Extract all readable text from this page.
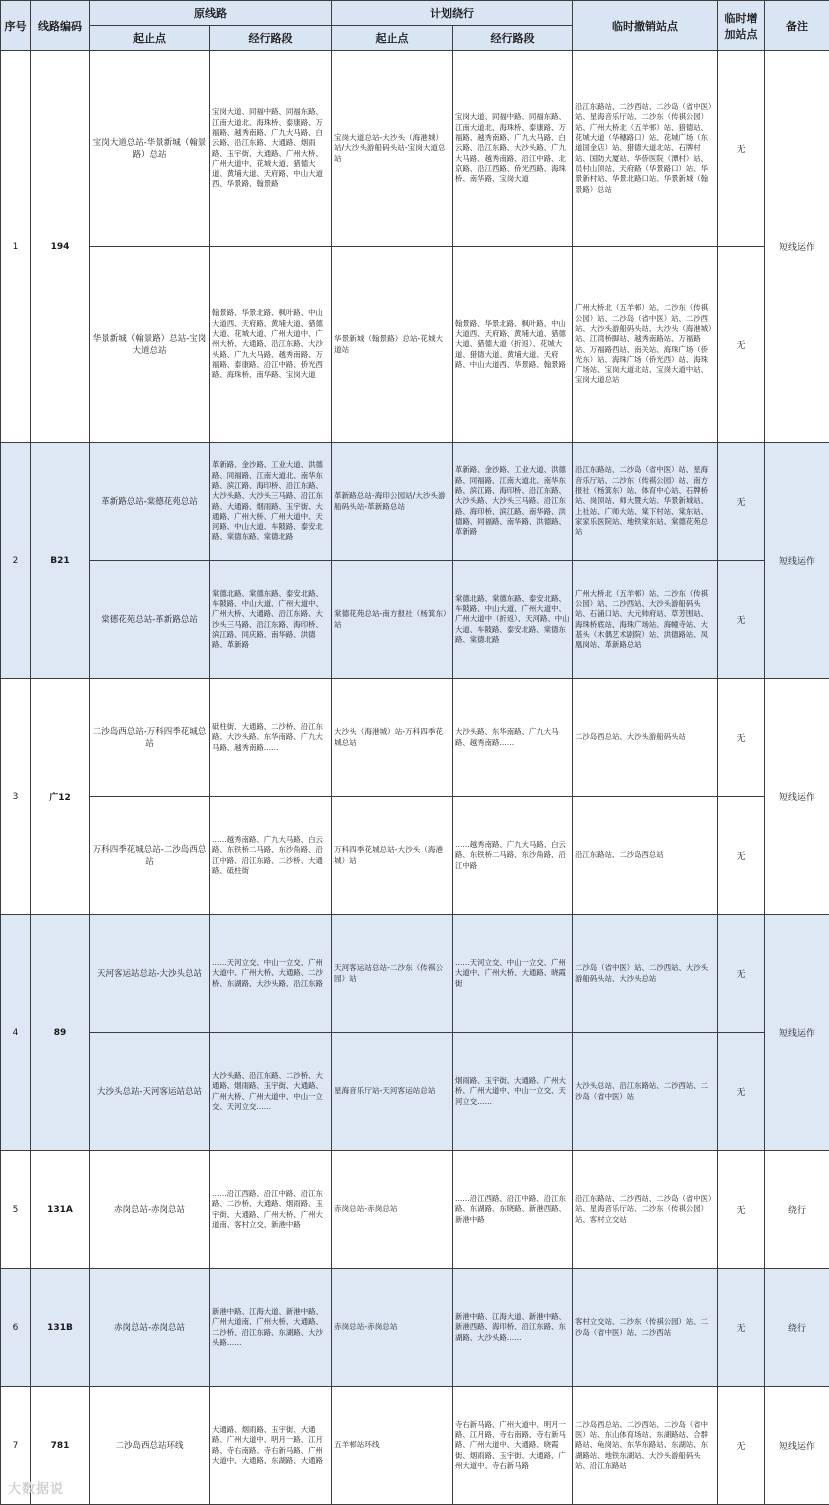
序号	线路编码	原线路		计划绕行		临时撤销站点	临时增加站点	备注
		起止点	经行路段	起止点	经行路段			
1	194	宝岗大道总站-华景新城（翰景路）总站	宝岗大道、同福中路、同福东路、江南大道北、海珠桥、泰康路、万福路、越秀南路、广九大马路、白云路、沿江东路、大通路、烟雨路、玉宇街、大通路、广州大桥、广州大道中、花城大道、猎德大道、黄埔大道、天府路、中山大道西、华景路、翰景路	宝岗大道总站-大沙头（海港城）站/大沙头游船码头站-宝岗大道总站	宝岗大道、同福中路、同福东路、江南大道北、海珠桥、泰康路、万福路、越秀南路、广九大马路、白云路、沿江东路、大沙头路、广九大马路、越秀南路、沿江中路、北京路、沿江西路、侨光西路、海珠桥、南华路、宝岗大道	沿江东路站、二沙西站、二沙岛（省中医）站、星海音乐厅站、二沙东（传祺公园）站、广州大桥北（五羊邨）站、猎德站、花城大道（华穗路口）站、花城广场（东道国金店）站、猎德大道北站、石牌村站、国防大厦站、华侨医院（潭村）站、员村山顶站、天府路（华景路口）站、华景新村站、华景北路口站、华景新城（翰景路）总站	无	短线运作
		华景新城（翰景路）总站-宝岗大道总站	翰景路、华景北路、枫叶路、中山大道西、天府路、黄埔大道、猎德大道、花城大道、广州大道中、广州大桥、大通路、沿江东路、大沙头路、广九大马路、越秀南路、万福路、泰康路、沿江中路、侨光西路、海珠桥、南华路、宝岗大道	华景新城（翰景路）总站-花城大道站	翰景路、华景北路、枫叶路、中山大道西、天府路、黄埔大道、猎德大道、猎德大道（折返）、花城大道、猎德大道、黄埔大道、天府路、中山大道西、华景路、翰景路	广州大桥北（五羊邨）站、二沙东（传祺公园）站、二沙岛（省中医）站、二沙西站、大沙头游船码头站、大沙头（海港城）站、江湾桥脚站、越秀南路站、万福路站、万福路西站、南关站、海珠广场（侨光东）站、海珠广场（侨光西）站、海珠广场站、宝岗大道北站、宝岗大道中站、宝岗大道总站	无	
2	B21	革新路总站-棠德花苑总站	革新路、金沙路、工业大道、洪德路、同福路、江南大道北、南华东路、滨江路、海印桥、沿江东路、大沙头路、大沙头三马路、沿江东路、大通路、烟雨路、玉宇街、大通路、广州大桥、广州大道中、天河路、中山大道、车陂路、泰安北路、棠德东路、棠德北路	革新路总站-海印公园站/大沙头游船码头站-革新路总站	革新路、金沙路、工业大道、洪德路、同福路、江南大道北、南华东路、滨江路、海印桥、沿江东路、大沙头路、大沙头三马路、沿江东路、海印桥、滨江路、南华路、洪德路、同福路、南华路、洪德路、革新路	沿江东路站、二沙岛（省中医）站、星海音乐厅站、二沙东（传祺公园）站、南方报社（杨箕东）站、体育中心站、石牌桥站、岗顶站、师大暨大站、华景新城站、上社站、广师大站、棠下村站、棠东站、家家乐医院站、地铁棠东站、棠德花苑总站	无	短线运作
		棠德花苑总站-革新路总站	棠德北路、棠德东路、泰安北路、车陂路、中山大道、广州大道中、广州大桥、大通路、沿江东路、大沙头三马路、沿江东路、海印桥、滨江路、同庆路、南华路、洪德路、革新路	棠德花苑总站-南方报社（杨箕东）站	棠德北路、棠德东路、泰安北路、车陂路、中山大道、广州大道中、广州大道中（折返）、天河路、中山大道、车陂路、泰安北路、棠德东路、棠德北路	广州大桥北（五羊邨）站、二沙东（传祺公园）站、二沙西站、大沙头游船码头站、石涌口站、大元帅府站、草芳围站、海珠桥底站、海珠广场站、海幢寺站、大基头（木偶艺术剧院）站、洪德路站、凤凰岗站、革新路总站	无	
3	广12	二沙岛西总站-万科四季花城总站	砥柱街、大通路、二沙桥、沿江东路、大沙头路、东华南路、广九大马路、越秀南路……	大沙头（海港城）站-万科四季花城总站	大沙头路、东华南路、广九大马路、越秀南路……	二沙岛西总站、大沙头游船码头站	无	短线运作
		万科四季花城总站-二沙岛西总站	……越秀南路、广九大马路、白云路、东铁桥二马路、东沙角路、沿江中路、沿江东路、二沙桥、大通路、砥柱街	万科四季花城总站-大沙头（海港城）站	……越秀南路、广九大马路、白云路、东铁桥二马路、东沙角路、沿江中路	沿江东路站、二沙岛西总站	无	
4	89	天河客运站总站-大沙头总站	……天河立交、中山一立交、广州大道中、广州大桥、大通路、二沙桥、东湖路、大沙头路、沿江东路	天河客运站总站-二沙东（传祺公园）站	……天河立交、中山一立交、广州大道中、广州大桥、大通路、晓霞街	二沙岛（省中医）站、二沙西站、大沙头游船码头站、大沙头总站	无	短线运作
		大沙头总站-天河客运站总站	大沙头路、沿江东路、二沙桥、大通路、烟雨路、玉宇街、大通路、广州大桥、广州大道中、中山一立交、天河立交……	星海音乐厅站-天河客运站总站	烟雨路、玉宇街、大通路、广州大桥、广州大道中、中山一立交、天河立交……	大沙头总站、沿江东路站、二沙西站、二沙岛（省中医）站	无	
5	131A	赤岗总站-赤岗总站	……沿江西路、沿江中路、沿江东路、二沙桥、大通路、烟雨路、玉宇街、大通路、广州大桥、广州大道南、客村立交、新港中路	赤岗总站-赤岗总站	……沿江西路、沿江中路、沿江东路、东湖路、东晓路、新港西路、新港中路	沿江东路站、二沙西站、二沙岛（省中医）站、星海音乐厅站、二沙东（传祺公园）站、客村立交站	无	绕行
6	131B	赤岗总站-赤岗总站	新港中路、江海大道、新港中路、广州大道南、广州大桥、大通路、二沙桥、沿江东路、东湖路、大沙头路……	赤岗总站-赤岗总站	新港中路、江海大道、新港中路、新港西路、海印桥、沿江东路、东湖路、大沙头路……	客村立交站、二沙东（传祺公园）站、二沙岛（省中医）站、二沙西站	无	绕行
7	781	二沙岛西总站环线	大通路、烟雨路、玉宇街、大通路、广州大道中、明月一路、江月路、寺右南路、寺右新马路、广州大道中、大通路、东湖路、大通路	五羊邨站环线	寺右新马路、广州大道中、明月一路、江月路、寺右南路、寺右新马路、广州大道中、大通路、晓霞街、烟雨路、玉宇街、大通路、广州大道中、寺右新马路	二沙岛西总站、二沙西站、二沙岛（省中医）站、东山体育场站、东湖路站、合群路站、龟岗站、东华东路站、东湖站、东湖路站、地铁东湖站、大沙头游船码头站、沿江东路站	无	短线运作
大数据说
